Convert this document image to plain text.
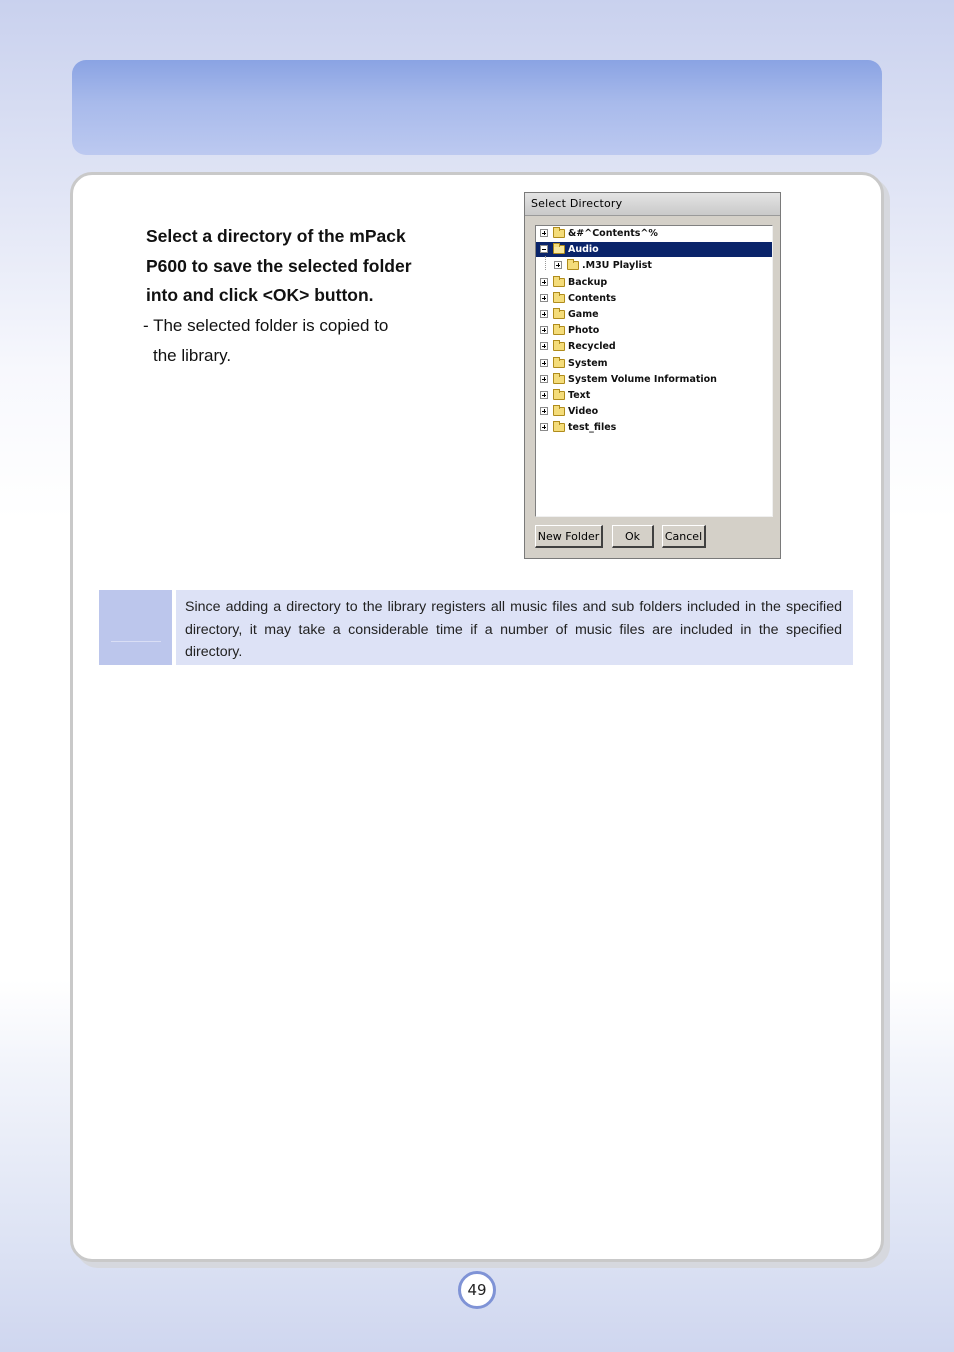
Select a directory of the mPack

P600 to save the selected folder

into and click <OK> button.

- The selected folder is copied to

the library.

Select Directory
&#^Contents^%
Audio
.M3U Playlist
Backup
Contents
Game
Photo
Recycled
System
System Volume Information
Text
Video
test_files
New Folder	Ok	Cancel

Since adding a directory to the library registers all music files and sub folders included in the specified directory, it may take a considerable time if a number of music files are included in the specified directory.

49
